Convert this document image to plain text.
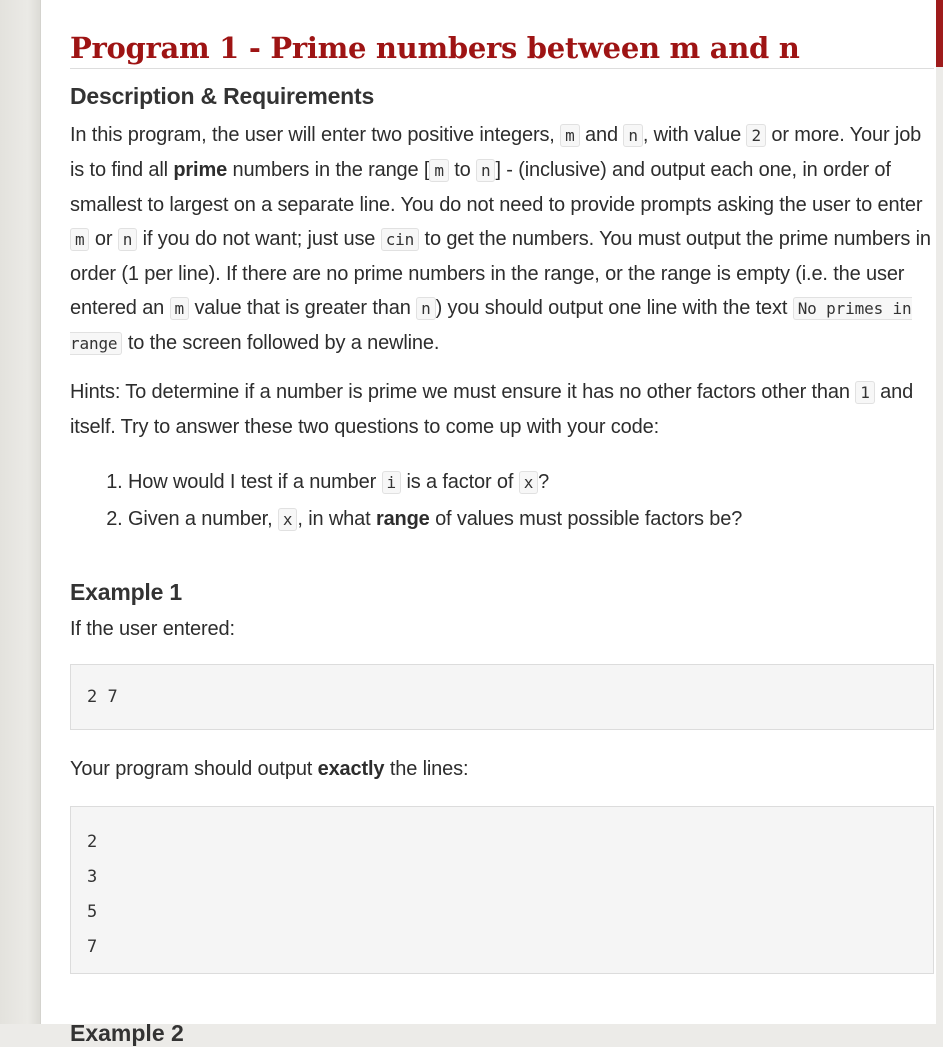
Program 1 - Prime numbers between m and n
Description & Requirements

In this program, the user will enter two positive integers, m and n , with value 2 or more. Your job is to find all prime numbers in the range [ m to n ] - (inclusive) and output each one, in order of smallest to largest on a separate line. You do not need to provide prompts asking the user to enter m or n if you do not want; just use cin to get the numbers. You must output the prime numbers in order (1 per line). If there are no prime numbers in the range, or the range is empty (i.e. the user entered an m value that is greater than n ) you should output one line with the text No primes in range to the screen followed by a newline.

Hints: To determine if a number is prime we must ensure it has no other factors other than 1 and itself. Try to answer these two questions to come up with your code:

1. How would I test if a number i is a factor of x ?
2. Given a number, x , in what range of values must possible factors be?
Example 1

If the user entered:

2 7

Your program should output exactly the lines:

2
3
5
7
Example 2
